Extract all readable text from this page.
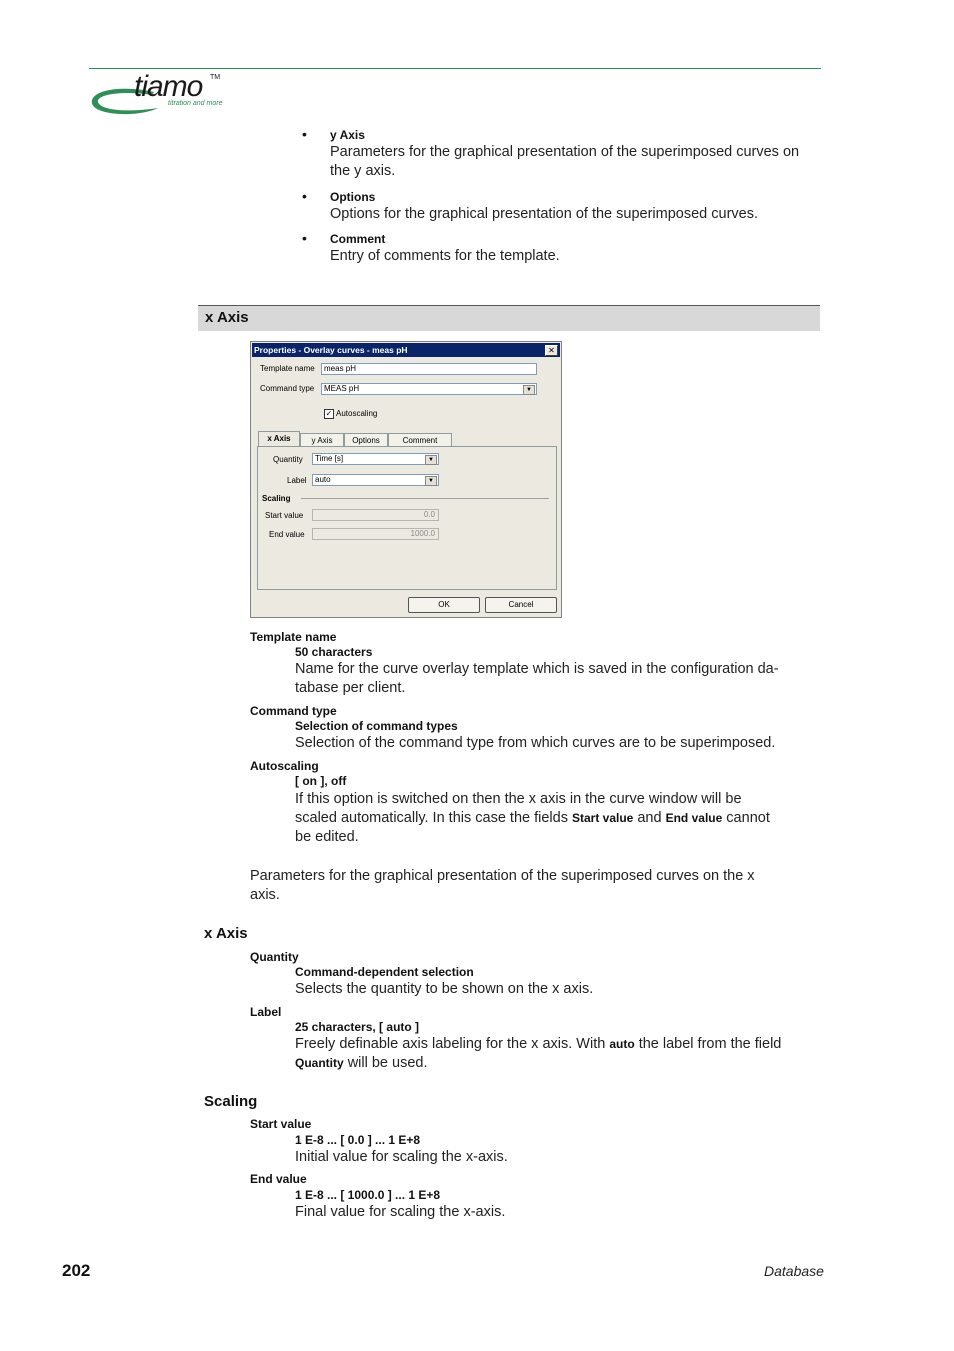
tiamo TM
titration and more
• y Axis
Parameters for the graphical presentation of the superimposed curves on the y axis.
• Options
Options for the graphical presentation of the superimposed curves.
• Comment
Entry of comments for the template.
x Axis
Properties - Overlay curves - meas pH	✕
Template name	meas pH
Command type	MEAS pH	▼
✓ Autoscaling
x Axis	y Axis	Options	Comment
Quantity	Time [s]	▼
Label	auto	▼
Scaling
Start value	0.0
End value	1000.0
OK	Cancel
Template name
50 characters
Name for the curve overlay template which is saved in the configuration da-
tabase per client.
Command type
Selection of command types
Selection of the command type from which curves are to be superimposed.
Autoscaling
[ on ], off
If this option is switched on then the x axis in the curve window will be
scaled automatically. In this case the fields Start value and End value cannot
be edited.
Parameters for the graphical presentation of the superimposed curves on the x
axis.
x Axis
Quantity
Command-dependent selection
Selects the quantity to be shown on the x axis.
Label
25 characters, [ auto ]
Freely definable axis labeling for the x axis. With auto the label from the field
Quantity will be used.
Scaling
Start value
1 E-8 ... [ 0.0 ] ... 1 E+8
Initial value for scaling the x-axis.
End value
1 E-8 ... [ 1000.0 ] ... 1 E+8
Final value for scaling the x-axis.
202	Database
